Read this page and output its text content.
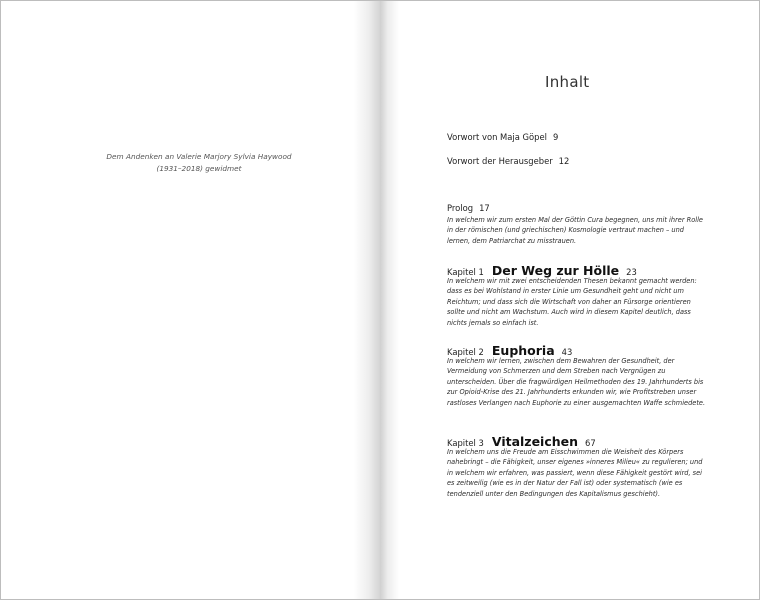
Dem Andenken an Valerie Marjory Sylvia Haywood (1931–2018) gewidmet
Inhalt
Vorwort von Maja Göpel 9
Vorwort der Herausgeber 12
Prolog 17
In welchem wir zum ersten Mal der Göttin Cura begegnen, uns mit ihrer Rolle in der römischen (und griechischen) Kosmologie vertraut machen – und lernen, dem Patriarchat zu misstrauen.
Kapitel 1 Der Weg zur Hölle 23
In welchem wir mit zwei entscheidenden Thesen bekannt gemacht werden: dass es bei Wohlstand in erster Linie um Gesundheit geht und nicht um Reichtum; und dass sich die Wirtschaft von daher an Fürsorge orientieren sollte und nicht am Wachstum. Auch wird in diesem Kapitel deutlich, dass nichts jemals so einfach ist.
Kapitel 2 Euphoria 43
In welchem wir lernen, zwischen dem Bewahren der Gesundheit, der Vermeidung von Schmerzen und dem Streben nach Vergnügen zu unterscheiden. Über die fragwürdigen Heilmethoden des 19. Jahrhunderts bis zur Opioid-Krise des 21. Jahrhunderts erkunden wir, wie Profitstreben unser rastloses Verlangen nach Euphorie zu einer ausgemachten Waffe schmiedete.
Kapitel 3 Vitalzeichen 67
In welchem uns die Freude am Eisschwimmen die Weisheit des Körpers nahebringt – die Fähigkeit, unser eigenes »inneres Milieu« zu regulieren; und in welchem wir erfahren, was passiert, wenn diese Fähigkeit gestört wird, sei es zeitweilig (wie es in der Natur der Fall ist) oder systematisch (wie es tendenziell unter den Bedingungen des Kapitalismus geschieht).
